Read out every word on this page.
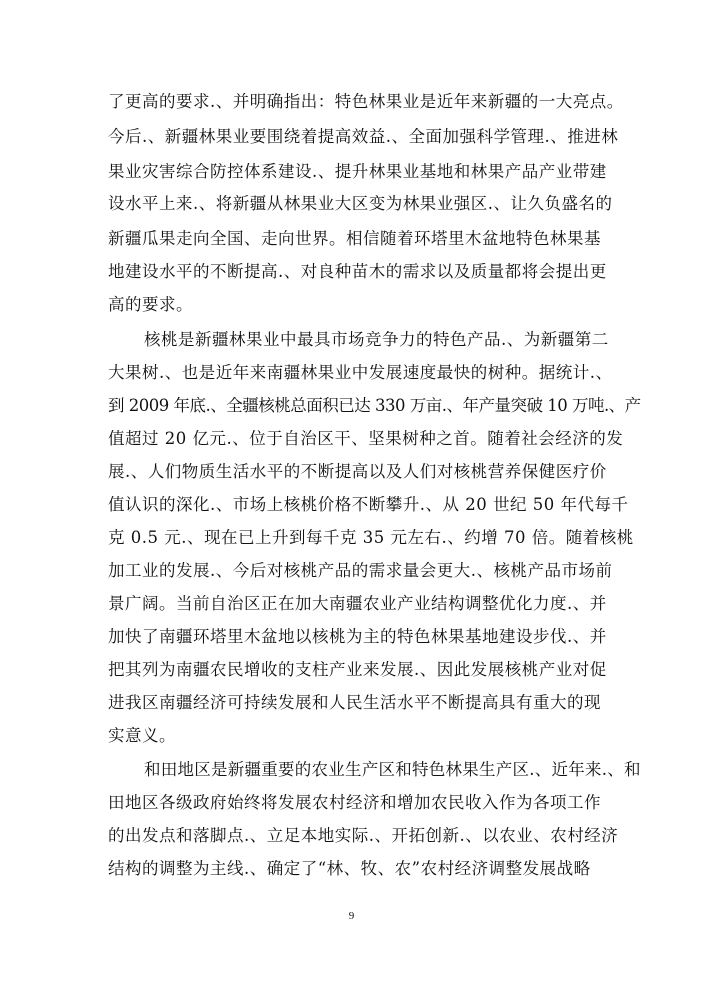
了更高的要求.、并明确指出：特色林果业是近年来新疆的一大亮点。
今后.、新疆林果业要围绕着提高效益.、全面加强科学管理.、推进林
果业灾害综合防控体系建设.、提升林果业基地和林果产品产业带建
设水平上来.、将新疆从林果业大区变为林果业强区.、让久负盛名的
新疆瓜果走向全国、走向世界。相信随着环塔里木盆地特色林果基
地建设水平的不断提高.、对良种苗木的需求以及质量都将会提出更
高的要求。
核桃是新疆林果业中最具市场竞争力的特色产品.、为新疆第二
大果树.、也是近年来南疆林果业中发展速度最快的树种。据统计.、
到 2009 年底.、全疆核桃总面积已达 330 万亩.、年产量突破 10 万吨.、产
值超过 20 亿元.、位于自治区干、坚果树种之首。随着社会经济的发
展.、人们物质生活水平的不断提高以及人们对核桃营养保健医疗价
值认识的深化.、市场上核桃价格不断攀升.、从 20 世纪 50 年代每千
克 0.5 元.、现在已上升到每千克 35 元左右.、约增 70 倍。随着核桃
加工业的发展.、今后对核桃产品的需求量会更大.、核桃产品市场前
景广阔。当前自治区正在加大南疆农业产业结构调整优化力度.、并
加快了南疆环塔里木盆地以核桃为主的特色林果基地建设步伐.、并
把其列为南疆农民增收的支柱产业来发展.、因此发展核桃产业对促
进我区南疆经济可持续发展和人民生活水平不断提高具有重大的现
实意义。
和田地区是新疆重要的农业生产区和特色林果生产区.、近年来.、和
田地区各级政府始终将发展农村经济和增加农民收入作为各项工作
的出发点和落脚点.、立足本地实际.、开拓创新.、以农业、农村经济
结构的调整为主线.、确定了“林、牧、农”农村经济调整发展战略
9
